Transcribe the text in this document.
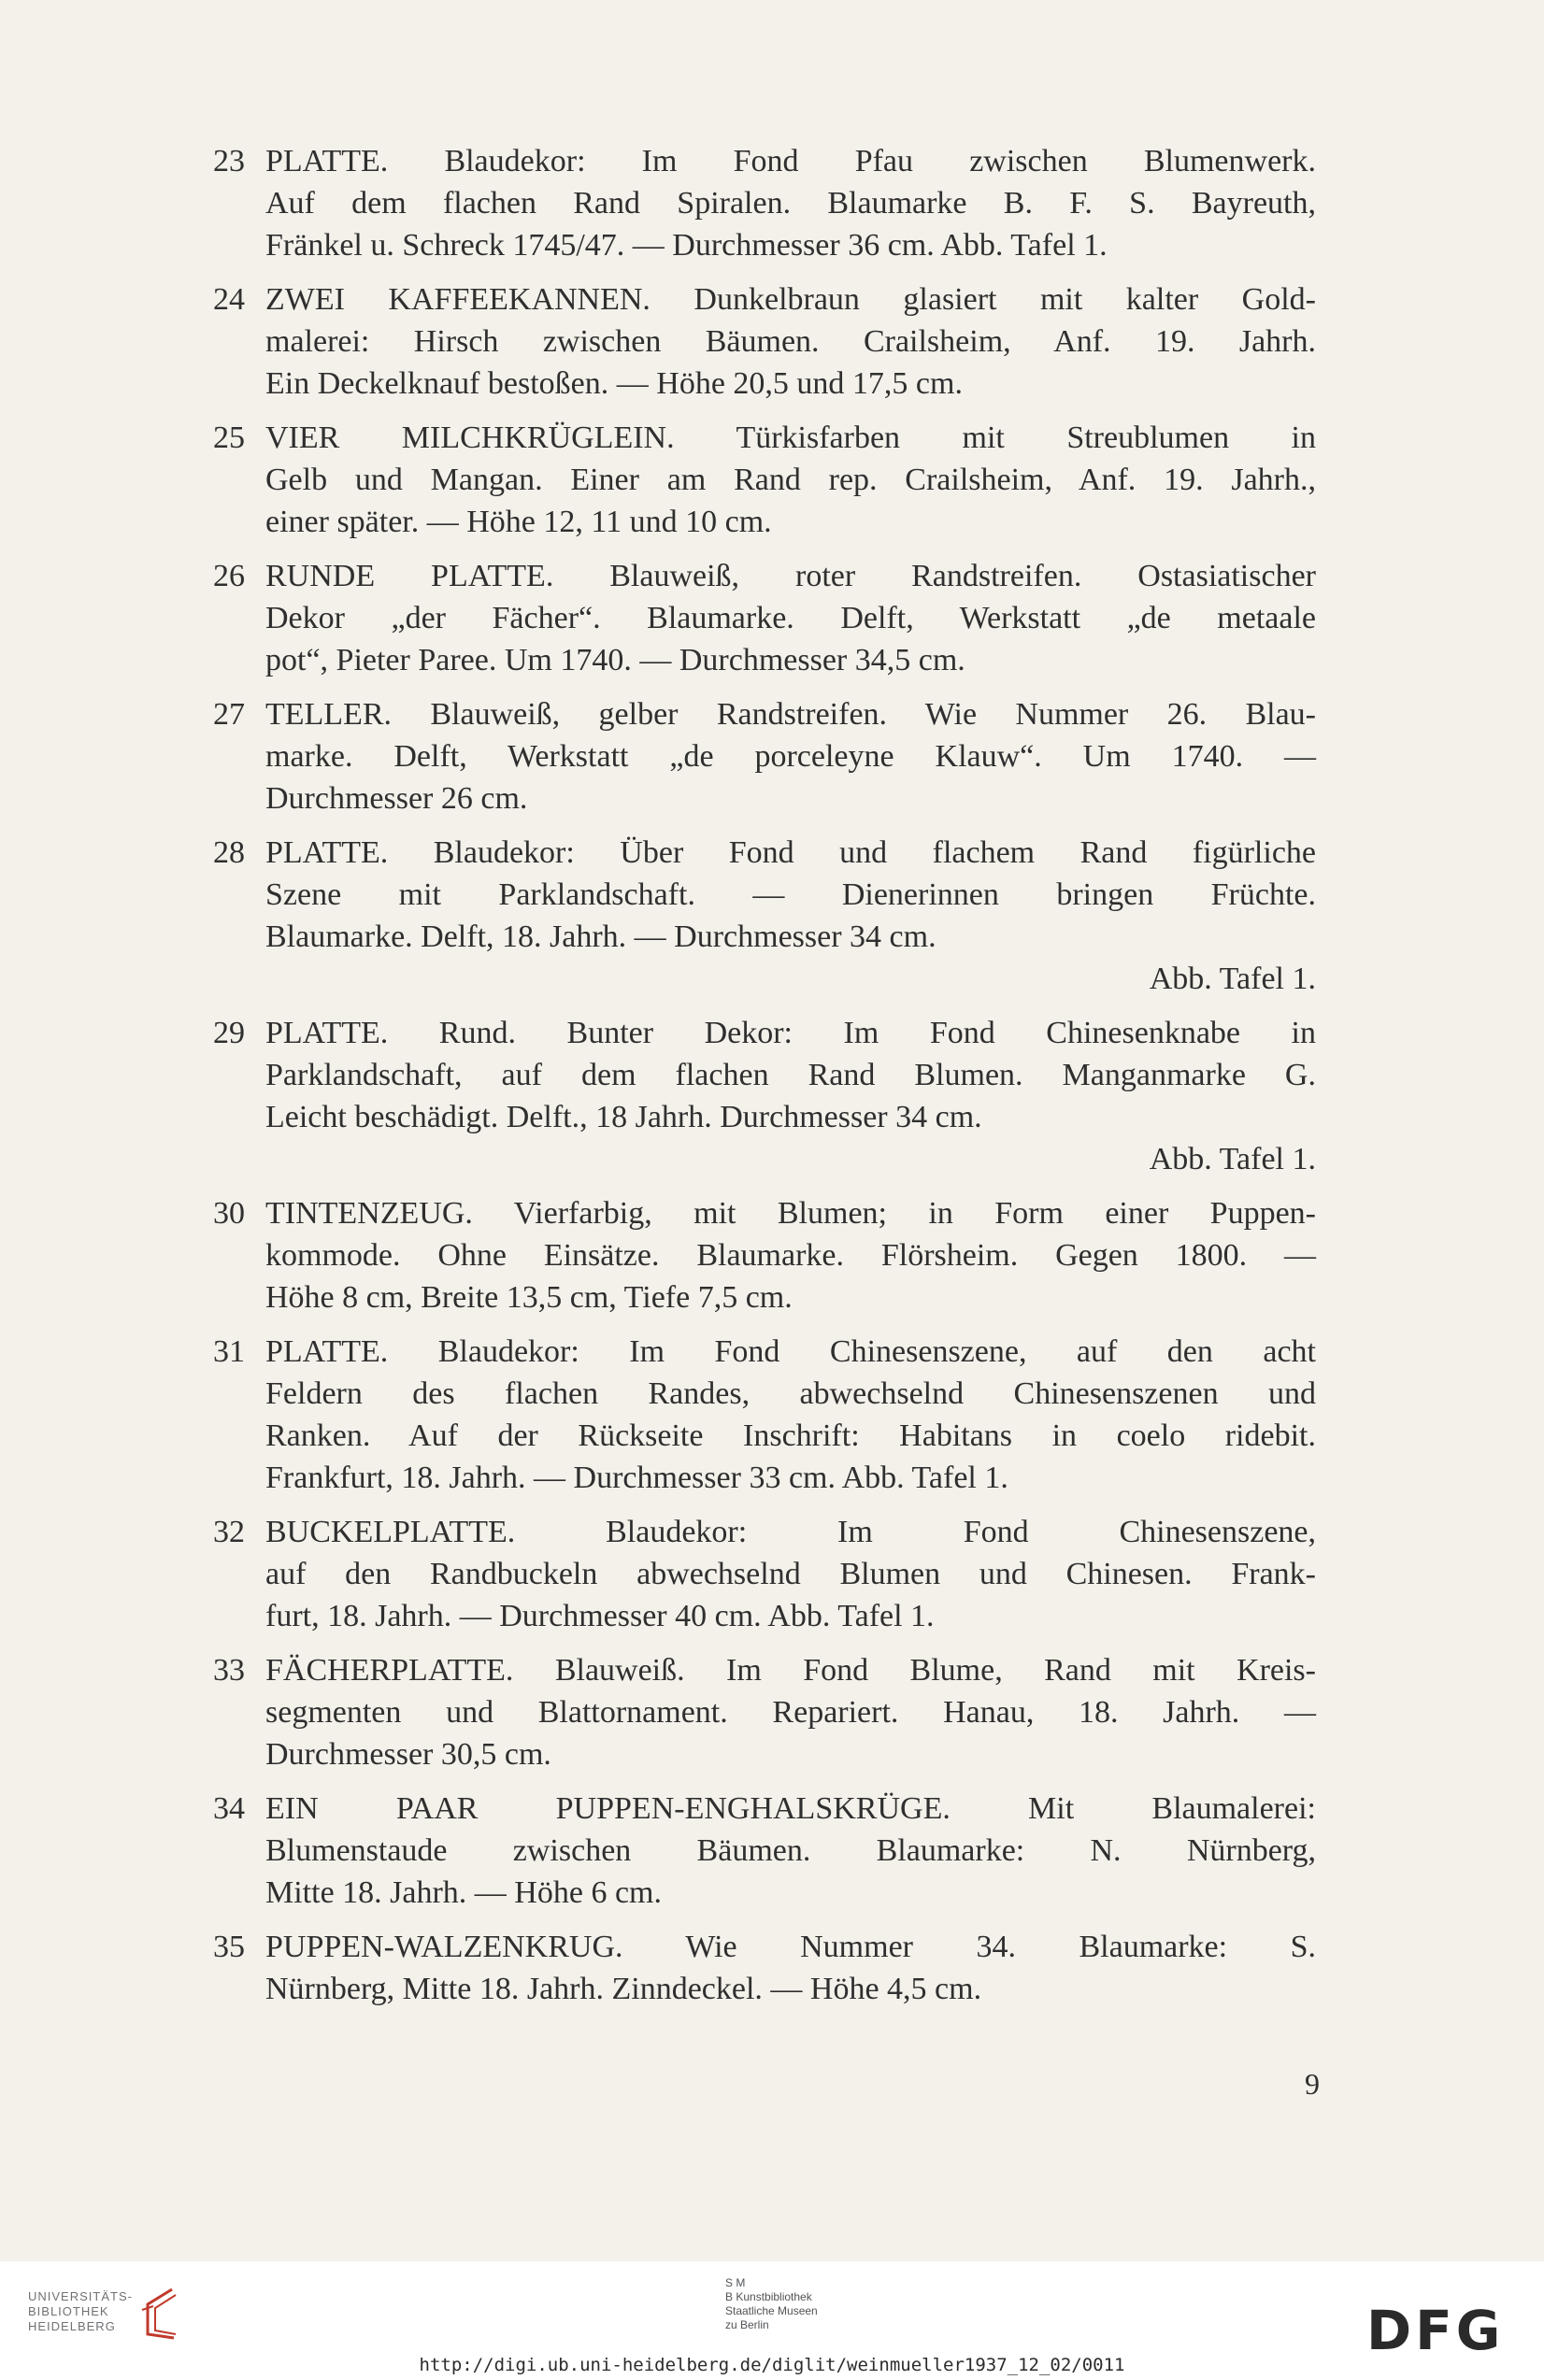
23 PLATTE. Blaudekor: Im Fond Pfau zwischen Blumenwerk.
Auf dem flachen Rand Spiralen. Blaumarke B. F. S. Bayreuth,
Fränkel u. Schreck 1745/47. — Durchmesser 36 cm. Abb. Tafel 1.
24 ZWEI KAFFEEKANNEN. Dunkelbraun glasiert mit kalter Gold-
malerei: Hirsch zwischen Bäumen. Crailsheim, Anf. 19. Jahrh.
Ein Deckelknauf bestoßen. — Höhe 20,5 und 17,5 cm.
25 VIER MILCHKRÜGLEIN. Türkisfarben mit Streublumen in
Gelb und Mangan. Einer am Rand rep. Crailsheim, Anf. 19. Jahrh.,
einer später. — Höhe 12, 11 und 10 cm.
26 RUNDE PLATTE. Blauweiß, roter Randstreifen. Ostasiatischer
Dekor „der Fächer“. Blaumarke. Delft, Werkstatt „de metaale
pot“, Pieter Paree. Um 1740. — Durchmesser 34,5 cm.
27 TELLER. Blauweiß, gelber Randstreifen. Wie Nummer 26. Blau-
marke. Delft, Werkstatt „de porceleyne Klauw“. Um 1740. —
Durchmesser 26 cm.
28 PLATTE. Blaudekor: Über Fond und flachem Rand figürliche
Szene mit Parklandschaft. — Dienerinnen bringen Früchte.
Blaumarke. Delft, 18. Jahrh. — Durchmesser 34 cm.
Abb. Tafel 1.
29 PLATTE. Rund. Bunter Dekor: Im Fond Chinesenknabe in
Parklandschaft, auf dem flachen Rand Blumen. Manganmarke G.
Leicht beschädigt. Delft., 18 Jahrh. Durchmesser 34 cm.
Abb. Tafel 1.
30 TINTENZEUG. Vierfarbig, mit Blumen; in Form einer Puppen-
kommode. Ohne Einsätze. Blaumarke. Flörsheim. Gegen 1800. —
Höhe 8 cm, Breite 13,5 cm, Tiefe 7,5 cm.
31 PLATTE. Blaudekor: Im Fond Chinesenszene, auf den acht
Feldern des flachen Randes, abwechselnd Chinesenszenen und
Ranken. Auf der Rückseite Inschrift: Habitans in coelo ridebit.
Frankfurt, 18. Jahrh. — Durchmesser 33 cm. Abb. Tafel 1.
32 BUCKELPLATTE. Blaudekor: Im Fond Chinesenszene,
auf den Randbuckeln abwechselnd Blumen und Chinesen. Frank-
furt, 18. Jahrh. — Durchmesser 40 cm. Abb. Tafel 1.
33 FÄCHERPLATTE. Blauweiß. Im Fond Blume, Rand mit Kreis-
segmenten und Blattornament. Repariert. Hanau, 18. Jahrh. —
Durchmesser 30,5 cm.
34 EIN PAAR PUPPEN-ENGHALSKRÜGE. Mit Blaumalerei:
Blumenstaude zwischen Bäumen. Blaumarke: N. Nürnberg,
Mitte 18. Jahrh. — Höhe 6 cm.
35 PUPPEN-WALZENKRUG. Wie Nummer 34. Blaumarke: S.
Nürnberg, Mitte 18. Jahrh. Zinndeckel. — Höhe 4,5 cm.
9
UNIVERSITÄTS-
BIBLIOTHEK
HEIDELBERG
S M
B Kunstbibliothek
Staatliche Museen
zu Berlin	DFG
http://digi.ub.uni-heidelberg.de/diglit/weinmueller1937_12_02/0011
